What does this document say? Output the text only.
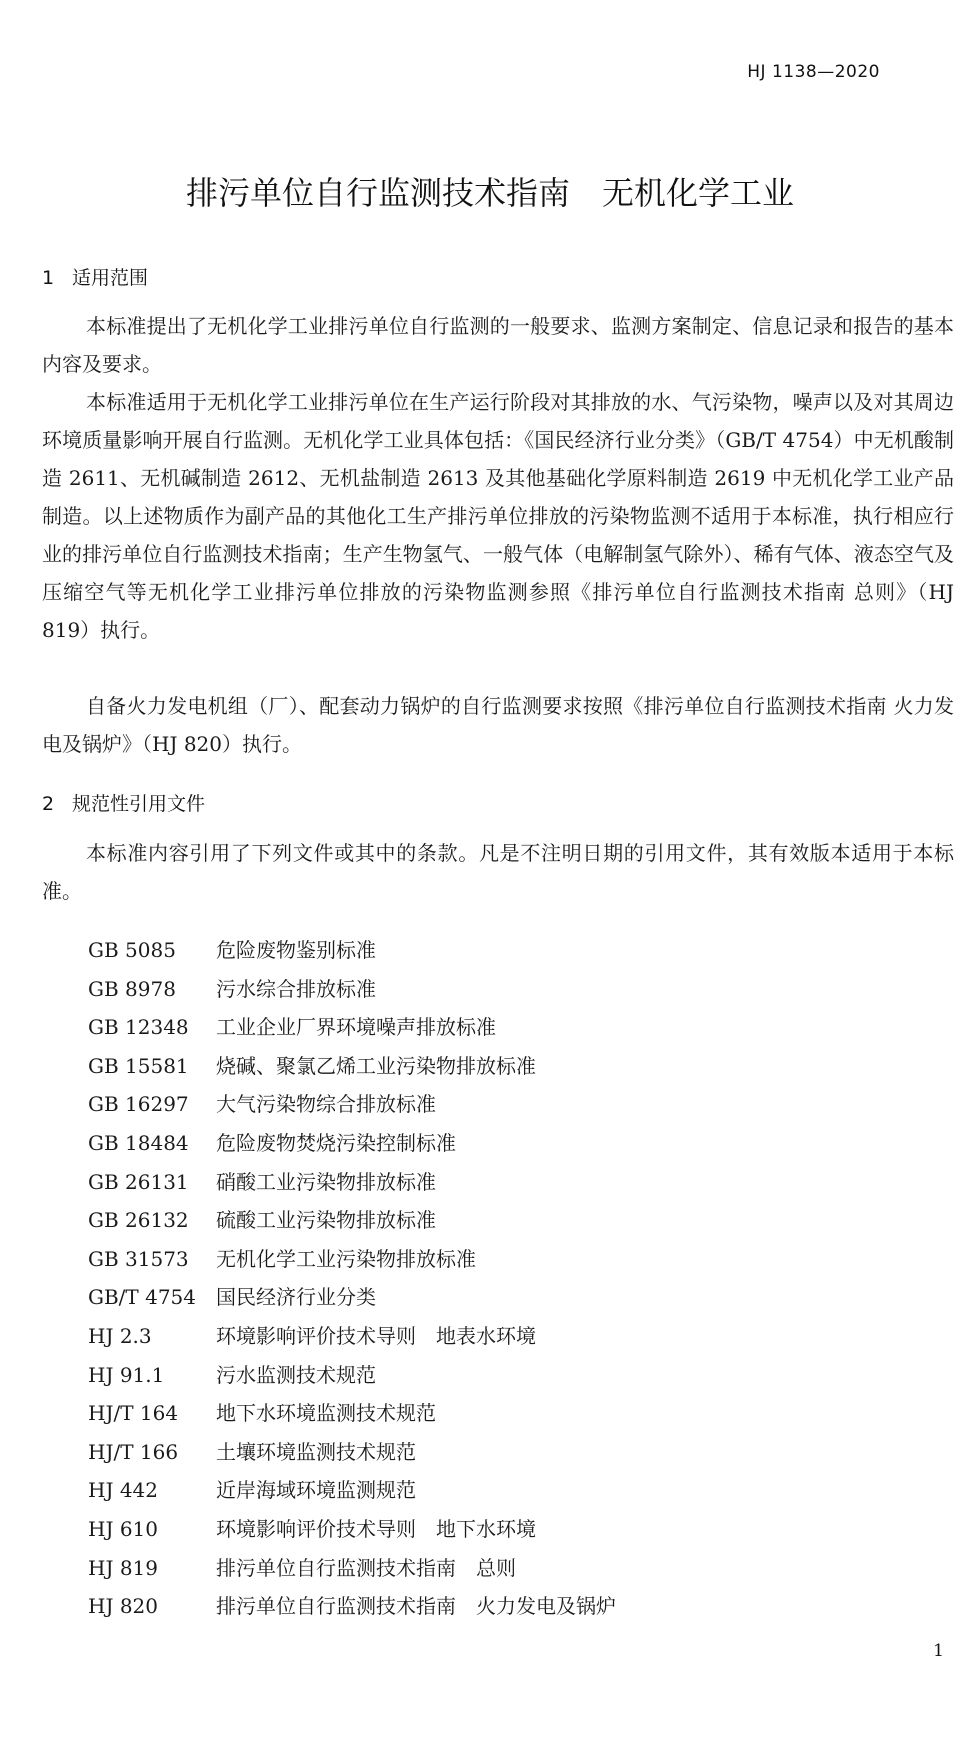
HJ 1138—2020
排污单位自行监测技术指南　无机化学工业
1 适用范围
本标准提出了无机化学工业排污单位自行监测的一般要求、监测方案制定、信息记录和报告的基本内容及要求。
本标准适用于无机化学工业排污单位在生产运行阶段对其排放的水、气污染物，噪声以及对其周边环境质量影响开展自行监测。无机化学工业具体包括：《国民经济行业分类》（GB/T 4754）中无机酸制造 2611、无机碱制造 2612、无机盐制造 2613 及其他基础化学原料制造 2619 中无机化学工业产品制造。以上述物质作为副产品的其他化工生产排污单位排放的污染物监测不适用于本标准，执行相应行业的排污单位自行监测技术指南；生产生物氢气、一般气体（电解制氢气除外）、稀有气体、液态空气及压缩空气等无机化学工业排污单位排放的污染物监测参照《排污单位自行监测技术指南 总则》（HJ 819）执行。
自备火力发电机组（厂）、配套动力锅炉的自行监测要求按照《排污单位自行监测技术指南 火力发电及锅炉》（HJ 820）执行。
2 规范性引用文件
本标准内容引用了下列文件或其中的条款。凡是不注明日期的引用文件，其有效版本适用于本标准。
GB 5085 危险废物鉴别标准
GB 8978 污水综合排放标准
GB 12348 工业企业厂界环境噪声排放标准
GB 15581 烧碱、聚氯乙烯工业污染物排放标准
GB 16297 大气污染物综合排放标准
GB 18484 危险废物焚烧污染控制标准
GB 26131 硝酸工业污染物排放标准
GB 26132 硫酸工业污染物排放标准
GB 31573 无机化学工业污染物排放标准
GB/T 4754 国民经济行业分类
HJ 2.3	环境影响评价技术导则　地表水环境
HJ 91.1	污水监测技术规范
HJ/T 164 地下水环境监测技术规范
HJ/T 166 土壤环境监测技术规范
HJ 442	近岸海域环境监测规范
HJ 610	环境影响评价技术导则　地下水环境
HJ 819	排污单位自行监测技术指南　总则
HJ 820	排污单位自行监测技术指南　火力发电及锅炉
1
